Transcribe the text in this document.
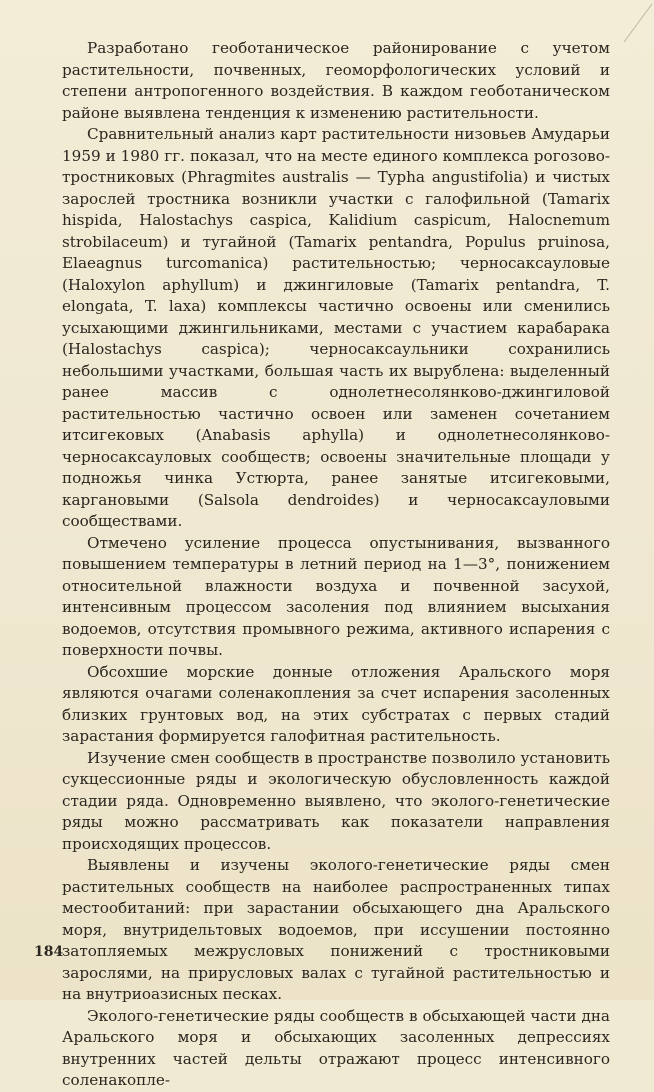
Разработано геоботаническое районирование с учетом растительности, почвенных, геоморфологических условий и степени антропогенного воздействия. В каждом геоботаническом районе выявлена тенденция к изменению растительности.

Сравнительный анализ карт растительности низовьев Амударьи 1959 и 1980 гг. показал, что на месте единого комплекса рогозово-тростниковых (Phragmites australis — Typha angustifolia) и чистых зарослей тростника возникли участки с галофильной (Tamarix hispida, Halostachys caspica, Kalidium caspicum, Halocnemum strobilaceum) и тугайной (Tamarix pentandra, Populus pruinosa, Elaeagnus turcomanica) растительностью; черносаксауловые (Haloxylon aphyllum) и джингиловые (Tamarix pentandra, T. elongata, T. laxa) комплексы частично освоены или сменились усыхающими джингильниками, местами с участием карабарака (Halostachys caspica); черносаксаульники сохранились небольшими участками, большая часть их вырублена: выделенный ранее массив с однолетнесолянково-джингиловой растительностью частично освоен или заменен сочетанием итсигековых (Anabasis aphylla) и однолетнесолянково-черносаксауловых сообществ; освоены значительные площади у подножья чинка Устюрта, ранее занятые итсигековыми, каргановыми (Salsola dendroides) и черносаксауловыми сообществами.

Отмечено усиление процесса опустынивания, вызванного повышением температуры в летний период на 1—3°, понижением относительной влажности воздуха и почвенной засухой, интенсивным процессом засоления под влиянием высыхания водоемов, отсутствия промывного режима, активного испарения с поверхности почвы.

Обсохшие морские донные отложения Аральского моря являются очагами соленакопления за счет испарения засоленных близких грунтовых вод, на этих субстратах с первых стадий зарастания формируется галофитная растительность.

Изучение смен сообществ в пространстве позволило установить сукцессионные ряды и экологическую обусловленность каждой стадии ряда. Одновременно выявлено, что эколого-генетические ряды можно рассматривать как показатели направления происходящих процессов.

Выявлены и изучены эколого-генетические ряды смен растительных сообществ на наиболее распространенных типах местообитаний: при зарастании обсыхающего дна Аральского моря, внутридельтовых водоемов, при иссушении постоянно затопляемых межрусловых понижений с тростниковыми зарослями, на прирусловых валах с тугайной растительностью и на внутриоазисных песках.

Эколого-генетические ряды сообществ в обсыхающей части дна Аральского моря и обсыхающих засоленных депрессиях внутренних частей дельты отражают процесс интенсивного соленакопле-

184
